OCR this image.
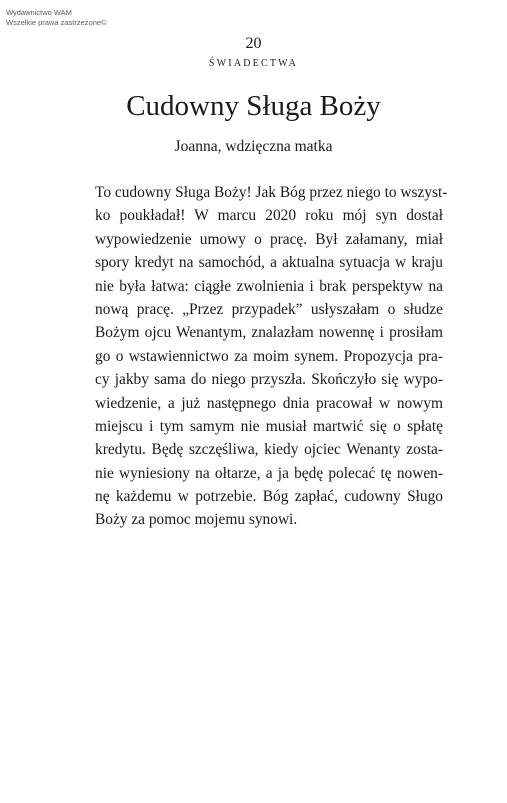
Wydawnictwo WAM
Wszelkie prawa zastrzeżone©
20
ŚWIADECTWA
Cudowny Sługa Boży
Joanna, wdzięczna matka
To cudowny Sługa Boży! Jak Bóg przez niego to wszyst-
ko poukładał! W marcu 2020 roku mój syn dostał
wypowiedzenie umowy o pracę. Był załamany, miał
spory kredyt na samochód, a aktualna sytuacja w kraju
nie była łatwa: ciągłe zwolnienia i brak perspektyw na
nową pracę. „Przez przypadek” usłyszałam o słudze
Bożym ojcu Wenantym, znalazłam nowennę i prosiłam
go o wstawiennictwo za moim synem. Propozycja pra-
cy jakby sama do niego przyszła. Skończyło się wypo-
wiedzenie, a już następnego dnia pracował w nowym
miejscu i tym samym nie musiał martwić się o spłatę
kredytu. Będę szczęśliwa, kiedy ojciec Wenanty zosta-
nie wyniesiony na ołtarze, a ja będę polecać tę nowen-
nę każdemu w potrzebie. Bóg zapłać, cudowny Sługo
Boży za pomoc mojemu synowi.
